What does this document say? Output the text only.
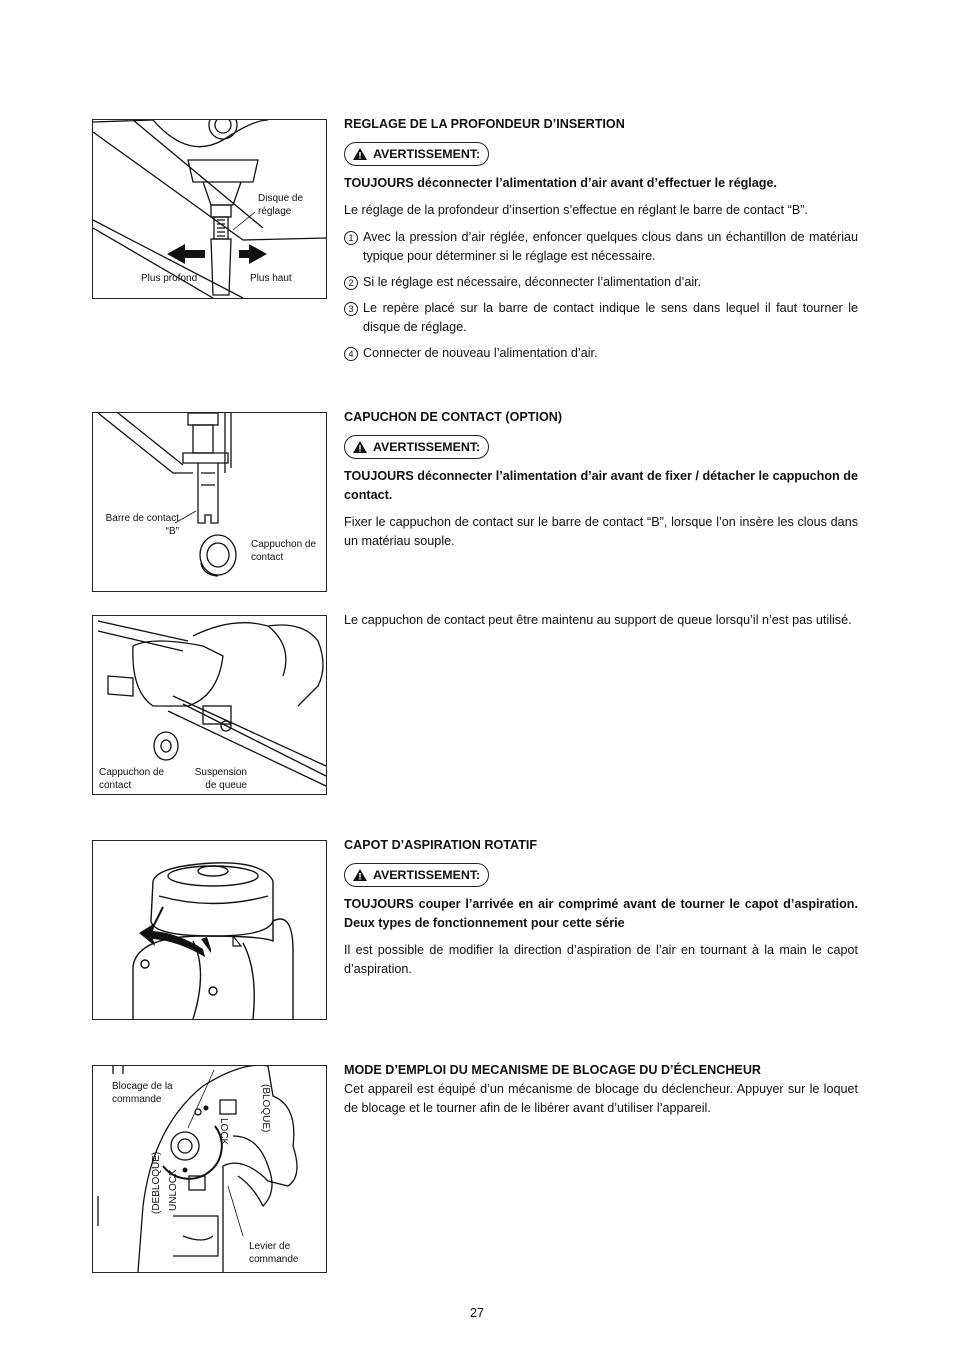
Disque de réglage
Plus profond	Plus haut
Barre de contact “B”
Cappuchon de contact
Cappuchon de contact
Suspension de queue
Blocage de la commande
LOCK	(BLOQUE)
UNLOCK
(DEBLOQUE)
Levier de commande
REGLAGE DE LA PROFONDEUR D’INSERTION
AVERTISSEMENT:

TOUJOURS déconnecter l’alimentation d’air avant d’effectuer le réglage.

Le réglage de la profondeur d’insertion s’effectue en réglant le barre de contact “B”.

1 Avec la pression d’air réglée, enfoncer quelques clous dans un échantillon de matériau typique pour déterminer si le réglage est nécessaire.
2 Si le réglage est nécessaire, déconnecter l’alimentation d’air.
3 Le repère placé sur la barre de contact indique le sens dans lequel il faut tourner le disque de réglage.
4 Connecter de nouveau l’alimentation d’air.
CAPUCHON DE CONTACT (OPTION)
AVERTISSEMENT:

TOUJOURS déconnecter l’alimentation d’air avant de fixer / détacher le cappuchon de contact.

Fixer le cappuchon de contact sur le barre de contact “B”, lorsque l’on insère les clous dans un matériau souple.

Le cappuchon de contact peut être maintenu au support de queue lorsqu’il n’est pas utilisé.

CAPOT D’ASPIRATION ROTATIF
AVERTISSEMENT:

TOUJOURS couper l’arrivée en air comprimé avant de tourner le capot d’aspiration. Deux types de fonctionnement pour cette série

Il est possible de modifier la direction d’aspiration de l’air en tournant à la main le capot d’aspiration.

MODE D’EMPLOI DU MECANISME DE BLOCAGE DU D’ÉCLENCHEUR

Cet appareil est équipé d’un mécanisme de blocage du déclencheur. Appuyer sur le loquet de blocage et le tourner afin de le libérer avant d’utiliser l’appareil.

27
